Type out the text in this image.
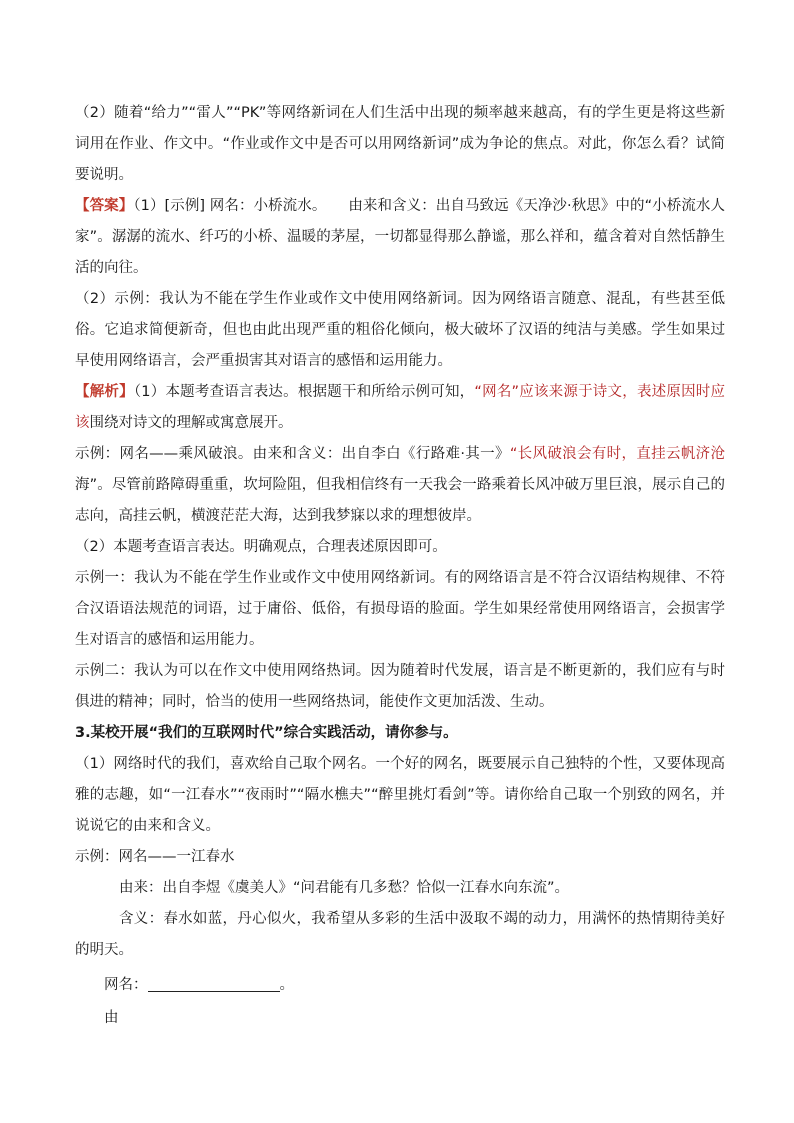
（2）随着“给力”“雷人”“PK”等网络新词在人们生活中出现的频率越来越高，有的学生更是将这些新词用在作业、作文中。“作业或作文中是否可以用网络新词”成为争论的焦点。对此，你怎么看？试简要说明。

【答案】（1）[示例] 网名：小桥流水。　　由来和含义：出自马致远《天净沙·秋思》中的“小桥流水人家”。潺潺的流水、纤巧的小桥、温暖的茅屋，一切都显得那么静谧，那么祥和，蕴含着对自然恬静生活的向往。

（2）示例：我认为不能在学生作业或作文中使用网络新词。因为网络语言随意、混乱，有些甚至低俗。它追求简便新奇，但也由此出现严重的粗俗化倾向，极大破坏了汉语的纯洁与美感。学生如果过早使用网络语言，会严重损害其对语言的感悟和运用能力。

【解析】（1）本题考查语言表达。根据题干和所给示例可知，“网名”应该来源于诗文，表述原因时应该围绕对诗文的理解或寓意展开。

示例：网名——乘风破浪。由来和含义：出自李白《行路难·其一》“长风破浪会有时，直挂云帆济沧海”。尽管前路障碍重重，坎坷险阻，但我相信终有一天我会一路乘着长风冲破万里巨浪，展示自己的志向，高挂云帆，横渡茫茫大海，达到我梦寐以求的理想彼岸。

（2）本题考查语言表达。明确观点，合理表述原因即可。

示例一：我认为不能在学生作业或作文中使用网络新词。有的网络语言是不符合汉语结构规律、不符合汉语语法规范的词语，过于庸俗、低俗，有损母语的脸面。学生如果经常使用网络语言，会损害学生对语言的感悟和运用能力。

示例二：我认为可以在作文中使用网络热词。因为随着时代发展，语言是不断更新的，我们应有与时俱进的精神；同时，恰当的使用一些网络热词，能使作文更加活泼、生动。

3.某校开展“我们的互联网时代”综合实践活动，请你参与。

（1）网络时代的我们，喜欢给自己取个网名。一个好的网名，既要展示自己独特的个性，又要体现高雅的志趣，如“一江春水”“夜雨时”“隔水樵夫”“醉里挑灯看剑”等。请你给自己取一个别致的网名，并说说它的由来和含义。

示例：网名——一江春水

由来：出自李煜《虞美人》“问君能有几多愁？恰似一江春水向东流”。

含义：春水如蓝，丹心似火，我希望从多彩的生活中汲取不竭的动力，用满怀的热情期待美好的明天。

网名：	。

由
